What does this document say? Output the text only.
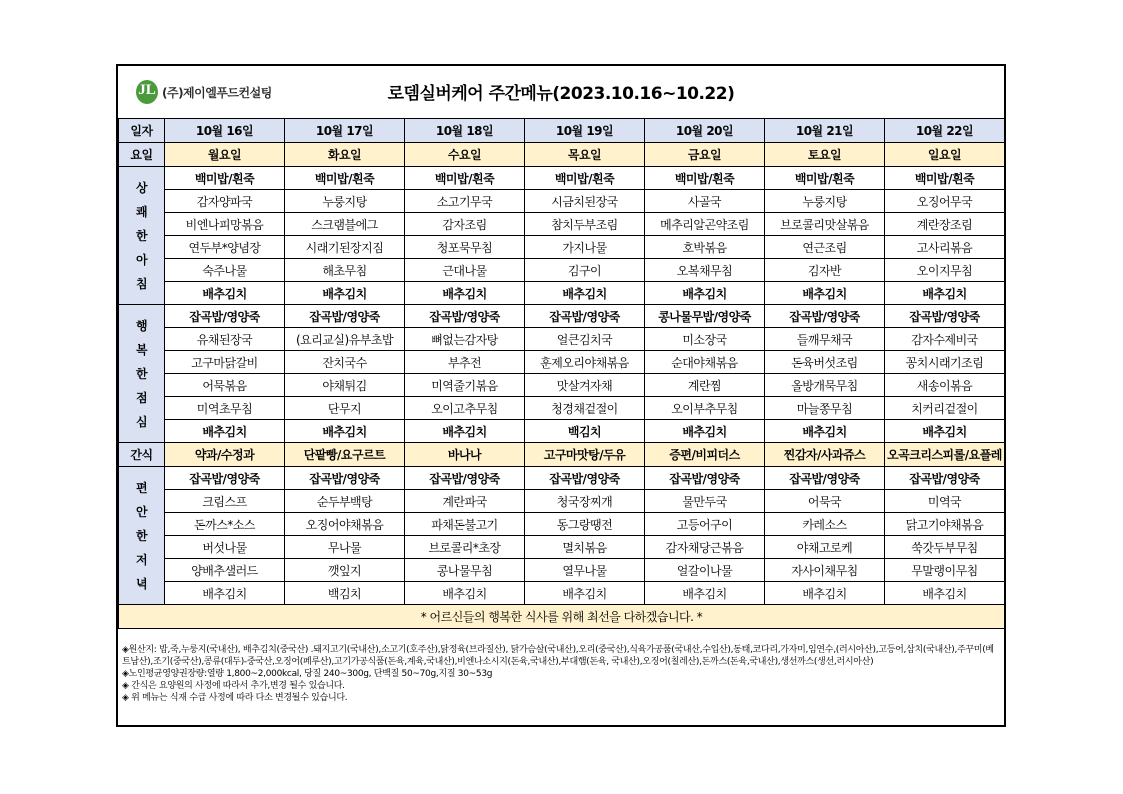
JL (주)제이엘푸드컨설팅	로뎀실버케어 주간메뉴(2023.10.16~10.22)
일자	10월 16일	10월 17일	10월 18일	10월 19일	10월 20일	10월 21일	10월 22일
요일	월요일	화요일	수요일	목요일	금요일	토요일	일요일

상쾌한아침	백미밥/흰죽	백미밥/흰죽	백미밥/흰죽	백미밥/흰죽	백미밥/흰죽	백미밥/흰죽	백미밥/흰죽
	감자양파국	누룽지탕	소고기무국	시금치된장국	사골국	누룽지탕	오징어무국
	비엔나피망볶음	스크램블에그	감자조림	참치두부조림	메추리알곤약조림	브로콜리맛살볶음	계란장조림
	연두부*양념장	시래기된장지짐	청포묵무침	가지나물	호박볶음	연근조림	고사리볶음
	숙주나물	해초무침	근대나물	김구이	오복채무침	김자반	오이지무침
	배추김치	배추김치	배추김치	배추김치	배추김치	배추김치	배추김치

행복한점심	잡곡밥/영양죽	잡곡밥/영양죽	잡곡밥/영양죽	잡곡밥/영양죽	콩나물무밥/영양죽	잡곡밥/영양죽	잡곡밥/영양죽
	유채된장국	(요리교실)유부초밥	뼈없는감자탕	얼큰김치국	미소장국	들깨무채국	감자수제비국
	고구마닭갈비	잔치국수	부추전	훈제오리야채볶음	순대야채볶음	돈육버섯조림	꽁치시래기조림
	어묵볶음	야채튀김	미역줄기볶음	맛살겨자채	계란찜	올방개묵무침	새송이볶음
	미역초무침	단무지	오이고추무침	청경채겉절이	오이부추무침	마늘쫑무침	치커리겉절이
	배추김치	배추김치	배추김치	백김치	배추김치	배추김치	배추김치
간식	약과/수정과	단팥빵/요구르트	바나나	고구마맛탕/두유	증편/비피더스	찐감자/사과쥬스	오곡크리스피롤/요플레

편안한저녁	잡곡밥/영양죽	잡곡밥/영양죽	잡곡밥/영양죽	잡곡밥/영양죽	잡곡밥/영양죽	잡곡밥/영양죽	잡곡밥/영양죽
	크림스프	순두부백탕	계란파국	청국장찌개	물만두국	어묵국	미역국
	돈까스*소스	오징어야채볶음	파채돈불고기	동그랑땡전	고등어구이	카레소스	닭고기야채볶음
	버섯나물	무나물	브로콜리*초장	멸치볶음	감자채당근볶음	야채고로케	쑥갓두부무침
	양배추샐러드	깻잎지	콩나물무침	열무나물	얼갈이나물	자사이채무침	무말랭이무침
	배추김치	백김치	배추김치	배추김치	배추김치	배추김치	배추김치
* 어르신들의 행복한 식사를 위해 최선을 다하겠습니다. *							
◈원산지: 밥,죽,누룽지(국내산), 배추김치(중국산) .돼지고기(국내산),소고기(호주산),닭정육(브라질산), 닭가슴살(국내산),오리(중국산),식육가공품(국내산,수입산),동태,코다리,가자미,임연수,(러시아산),고등어,삼치(국내산),주꾸미(베트남산),조기(중국산),콩류(대두)-중국산,오징어(페루산),고기가공식품(돈육,계육,국내산),비엔나소시지(돈육,국내산),부대햄(돈육, 국내산),오징어(칠레산),돈까스(돈육,국내산),생선까스(생선,러시아산)
◈노인평균영양권장량:열량 1,800~2,000kcal, 당질 240~300g, 단백질 50~70g,지질 30~53g
◈ 간식은 요양원의 사정에 따라서 추가,변경 될수 있습니다.
◈ 위 메뉴는 식재 수급 사정에 따라 다소 변경될수 있습니다.
